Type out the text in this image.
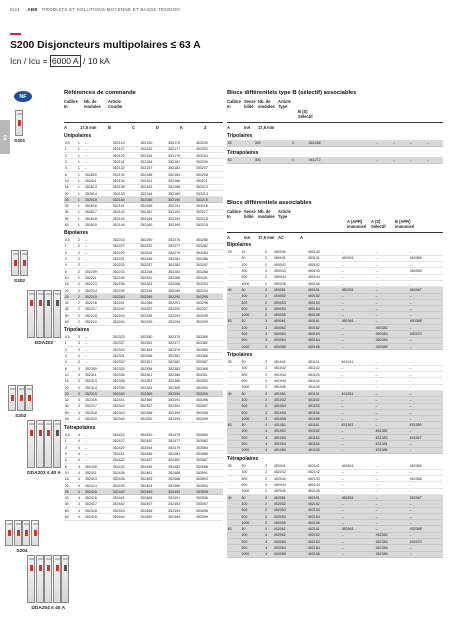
8/24 ABB PRODUITS ET SOLUTIONS MOYENNE ET BASSE TENSION
S200 Disjoncteurs multipolaires ≤ 63 A
Icn / Icu = 6000 A / 10 kA
03
NF
S201
S202
DDA202
S203
DDA203 ≤ 40 A
S204
DDA204 ≤ 40 A
Références de commande
Calibre
In
Nb. de
modules
Article
Courbe
A	17,5 mm	B	C	D	K	Z
Unipolaires
0,5	1	–	352123	352150	352175	353200
1	1	–	352127	352152	352177	353202
2	1	–	352129	352154	352179	353204
3	1	–	352131	352156	352181	353206
4	1	–	352132	352157	352182	353207
6	1	352609	352133	352158	352183	353208
10	1	352611	352134	352161	352186	353211
16	1	352613	352138	352163	352188	353213
20	1	352614	352139	352164	352189	353214
25	1	352615	352140	352165	352190	353215
32	1	352616	352141	352166	352191	353216
40	1	352617	352142	352167	352192	353217
50	1	352618	352143	352168	352193	353218
63	1	352619	352144	352169	352194	353219
Bipolaires
0,5	2	–	352223	352250	352275	353280
1	2	–	352227	352252	352277	353282
2	2	–	352229	352254	352279	353284
3	2	–	352231	352256	352281	353286
4	2	–	352232	352257	352282	353287
6	2	352209	352233	352258	352283	353288
10	2	352211	352236	352261	352286	353291
16	2	352213	352238	352263	352288	353293
20	2	352214	352239	352264	352289	353294
25	2	352215	352240	352265	352290	353295
32	2	352216	352241	352266	352291	353296
40	2	352217	352242	352267	352292	353297
50	2	352218	352243	352268	352293	353298
63	2	352219	352244	352269	352294	353299
Tripolaires
0,5	3	–	352323	352350	352375	353380
1	3	–	352327	352352	352377	353382
2	3	–	352329	352354	352379	353384
3	3	–	352331	352356	352381	353386
4	3	–	352332	352357	352382	353387
6	3	352309	352333	352358	352383	353388
10	3	352311	352336	352361	352386	353391
16	3	352313	352338	352363	352388	353393
20	3	352314	352339	352364	352389	353394
25	3	352315	352340	352365	352390	353395
32	3	352316	352341	352366	352391	353396
40	3	352317	352342	352367	352392	353397
50	3	352318	352343	352368	352393	353398
63	3	352319	352344	352369	352394	353399
Tétrapolaires
0,5	4	–	352423	352450	352475	353580
1	4	–	352427	352452	352477	353582
2	4	–	352429	352454	352479	353584
3	4	–	352431	352456	352481	353586
4	4	–	352432	352457	352482	353587
6	4	352409	352433	352458	352483	353588
10	4	352411	352436	352461	352486	353591
16	4	352413	352438	352463	352488	353593
20	4	352414	352439	352464	352489	353594
25	4	352415	352440	352465	352490	353595
32	4	352416	352441	352466	352491	353596
40	4	352417	352442	352467	352492	353597
50	4	352418	352443	352468	352493	353598
63	4	352419	352444	352469	352494	353599
Blocs différentiels type B (sélectif) associables
Calibre
In
Sensi-
bilité
Nb. de
modules
Article
Type
B (S)
Sélectif
A	mA 17,5 mm
Tripolaires
63	300	4	461266	–	–	–	–
Tétrapolaires
63	300	4	461272	–	–	–	–
Blocs différentiels associables
Calibre
In
Sensi-
bilité
Nb. de
modules
Article
Type
A (APR)
immunisé
A (S)
Sélectif
B (APR)
immunisé
A	mA 17,5 mm AC	A
Bipolaires
25	10	2	450040	450140	–	–	–
	30	2	450041	450141	450341	–	450366
	100	2	450042	450142	–	–	–
	300	2	450043	450143	–	–	450369
	500	2	450044	450144	–	–	–
	1000	2	450045	450145	–	–	–
40	30	2	450051	450151	450351	–	450367
	100	2	450052	450152	–	–	–
	300	2	450053	450153	–	–	–
	500	2	450054	450154	–	–	–
	1000	2	450055	450155	–	–	–
63	30	3	450061	450161	450361	–	450368
	100	3	450062	450162	–	450382	–
	300	3	450063	450163	–	450383	450370
	500	3	450064	450164	–	450384	–
	1000	3	450065	450165	–	450385	–
Tripolaires
25	30	2	451041	451141	451341	–	–
	100	2	451042	451142	–	–	–
	300	2	451043	451143	–	–	–
	500	2	451044	451144	–	–	–
	1000	2	451045	451145	–	–	–
40	30	2	451051	451151	451351	–	–
	100	2	451052	451152	–	–	–
	300	2	451053	451153	–	–	–
	500	2	451054	451154	–	–	–
	1000	2	451055	451155	–	–	–
63	30	4	451061	451161	451361	–	451366
	100	4	451062	451162	–	451382	–
	300	4	451063	451163	–	451383	451367
	500	4	451064	451164	–	451384	–
	1000	4	451065	451165	–	451385	–
Tétrapolaires
25	30	2	452041	452141	452541	–	452365
	100	2	452042	452142	–	–	–
	300	2	452043	452143	–	–	452368
	500	2	452044	452144	–	–	–
	1000	2	452045	452145	–	–	–
40	30	2	452051	452151	452551	–	452367
	100	2	452052	452152	–	–	–
	300	2	452053	452153	–	–	–
	500	2	452054	452154	–	–	–
	1000	2	452055	452155	–	–	–
63	30	4	452061	452161	452561	–	452368
	100	4	452062	452162	–	452382	–
	300	4	452063	452163	–	452383	452370
	500	4	452064	452164	–	452384	–
	1000	4	452065	452165	–	452385	–
